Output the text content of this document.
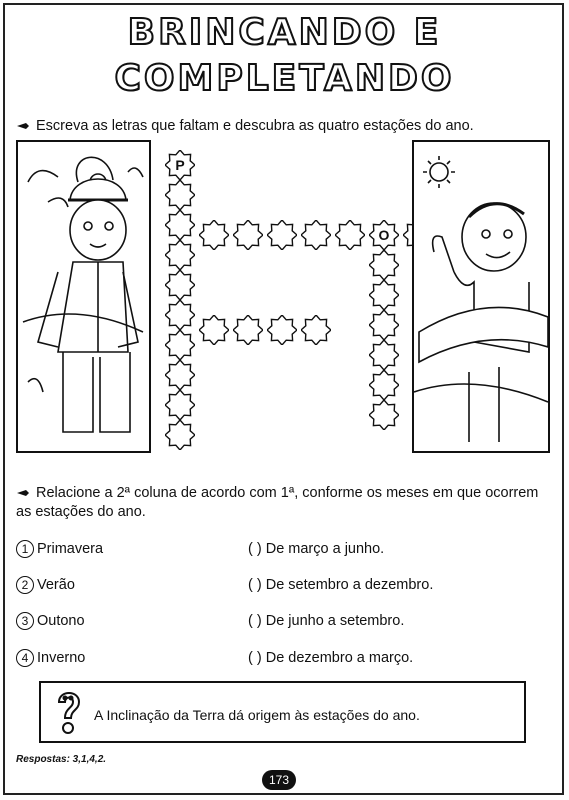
BRINCANDO E
COMPLETANDO
Escreva as letras que faltam e descubra as quatro estações do ano.
P
O
Relacione a 2ª coluna de acordo com 1ª, conforme os meses em que ocorrem as estações do ano.
1 Primavera
2 Verão
3 Outono
4 Inverno
( ) De março a junho.
( ) De setembro a dezembro.
( ) De junho a setembro.
( ) De dezembro a março.
A Inclinação da Terra dá origem às estações do ano.
Respostas: 3,1,4,2.
173
